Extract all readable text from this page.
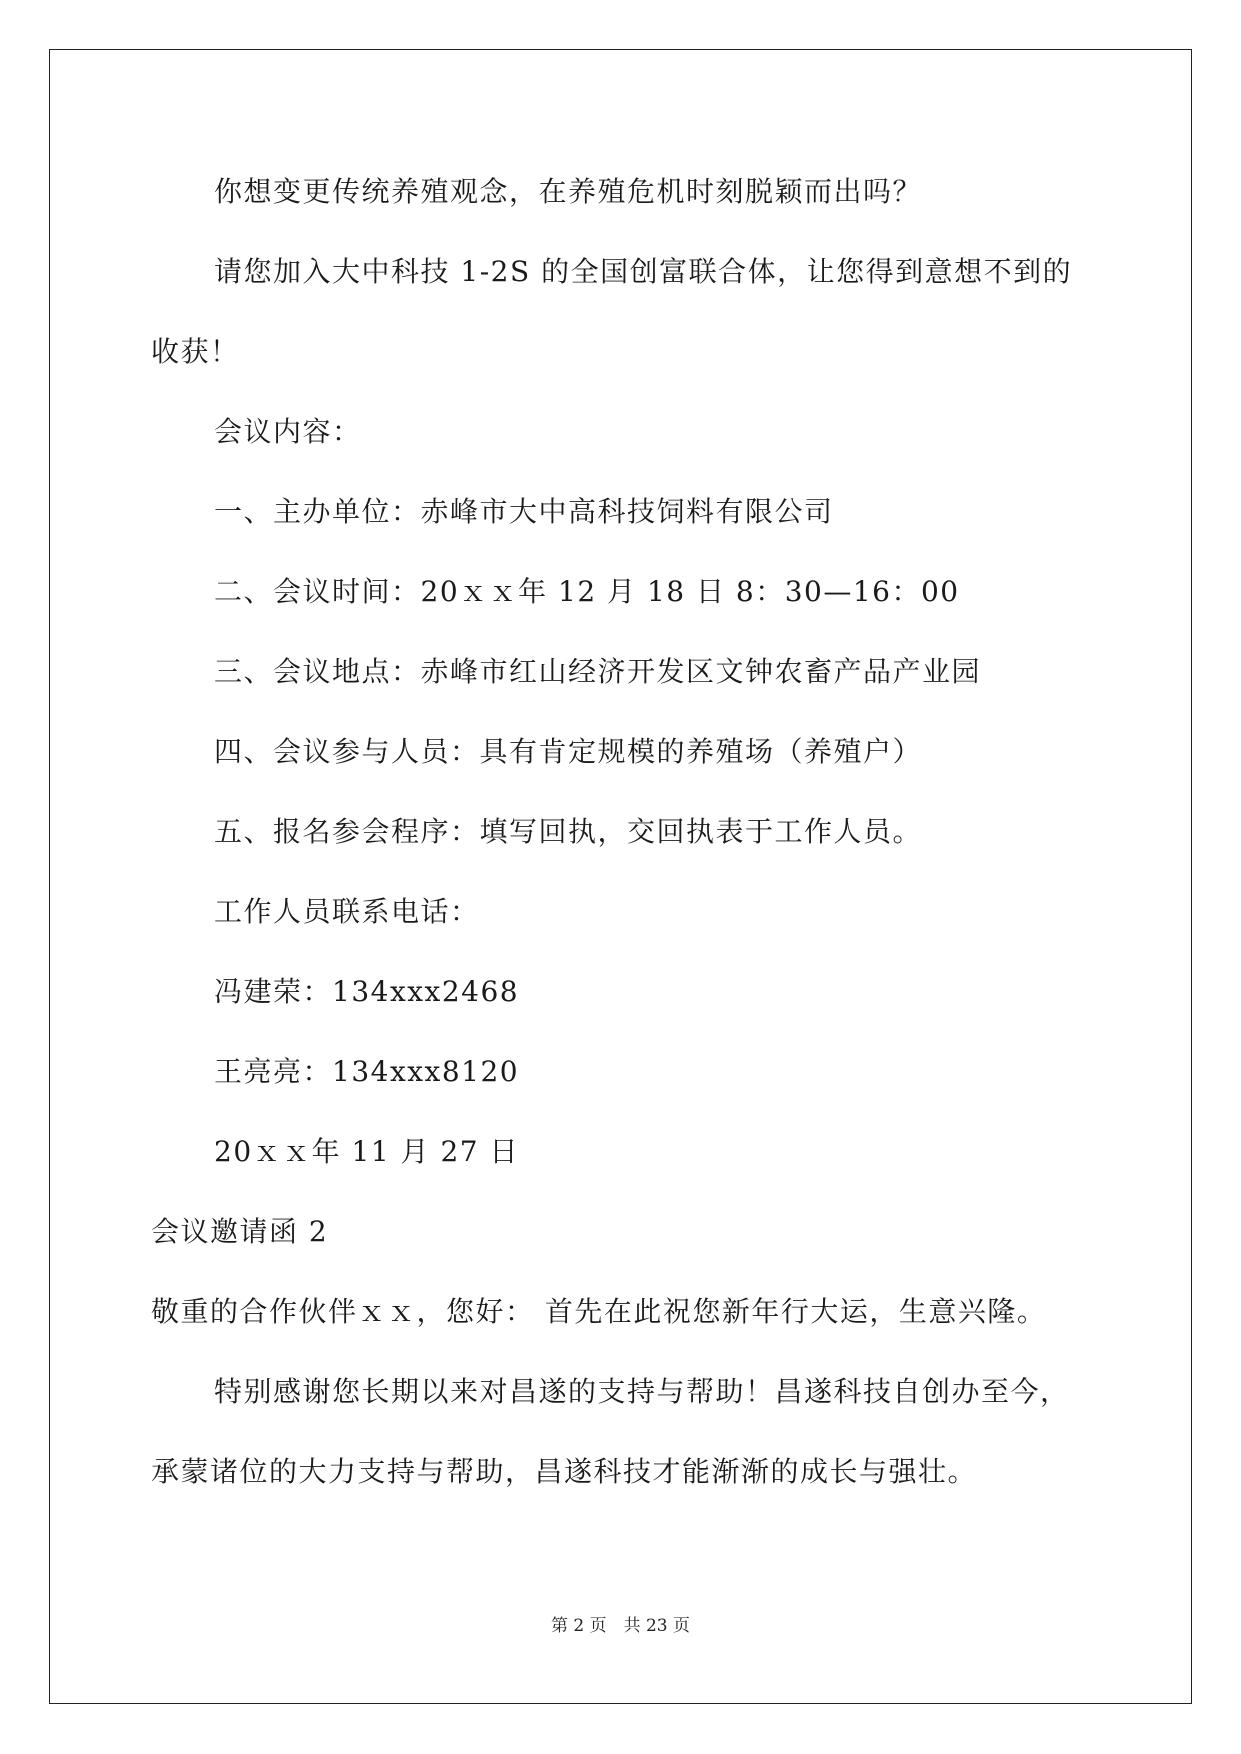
你想变更传统养殖观念，在养殖危机时刻脱颖而出吗？
请您加入大中科技 1-2S 的全国创富联合体，让您得到意想不到的
收获！
会议内容：
一、主办单位：赤峰市大中高科技饲料有限公司
二、会议时间：20ｘｘ年 12 月 18 日 8：30—16：00
三、会议地点：赤峰市红山经济开发区文钟农畜产品产业园
四、会议参与人员：具有肯定规模的养殖场（养殖户）
五、报名参会程序：填写回执，交回执表于工作人员。
工作人员联系电话：
冯建荣：134xxx2468
王亮亮：134xxx8120
20ｘｘ年 11 月 27 日
会议邀请函 2
敬重的合作伙伴ｘｘ，您好： 首先在此祝您新年行大运，生意兴隆。
特别感谢您长期以来对昌遂的支持与帮助！昌遂科技自创办至今，
承蒙诸位的大力支持与帮助，昌遂科技才能渐渐的成长与强壮。
第 2 页　共 23 页
